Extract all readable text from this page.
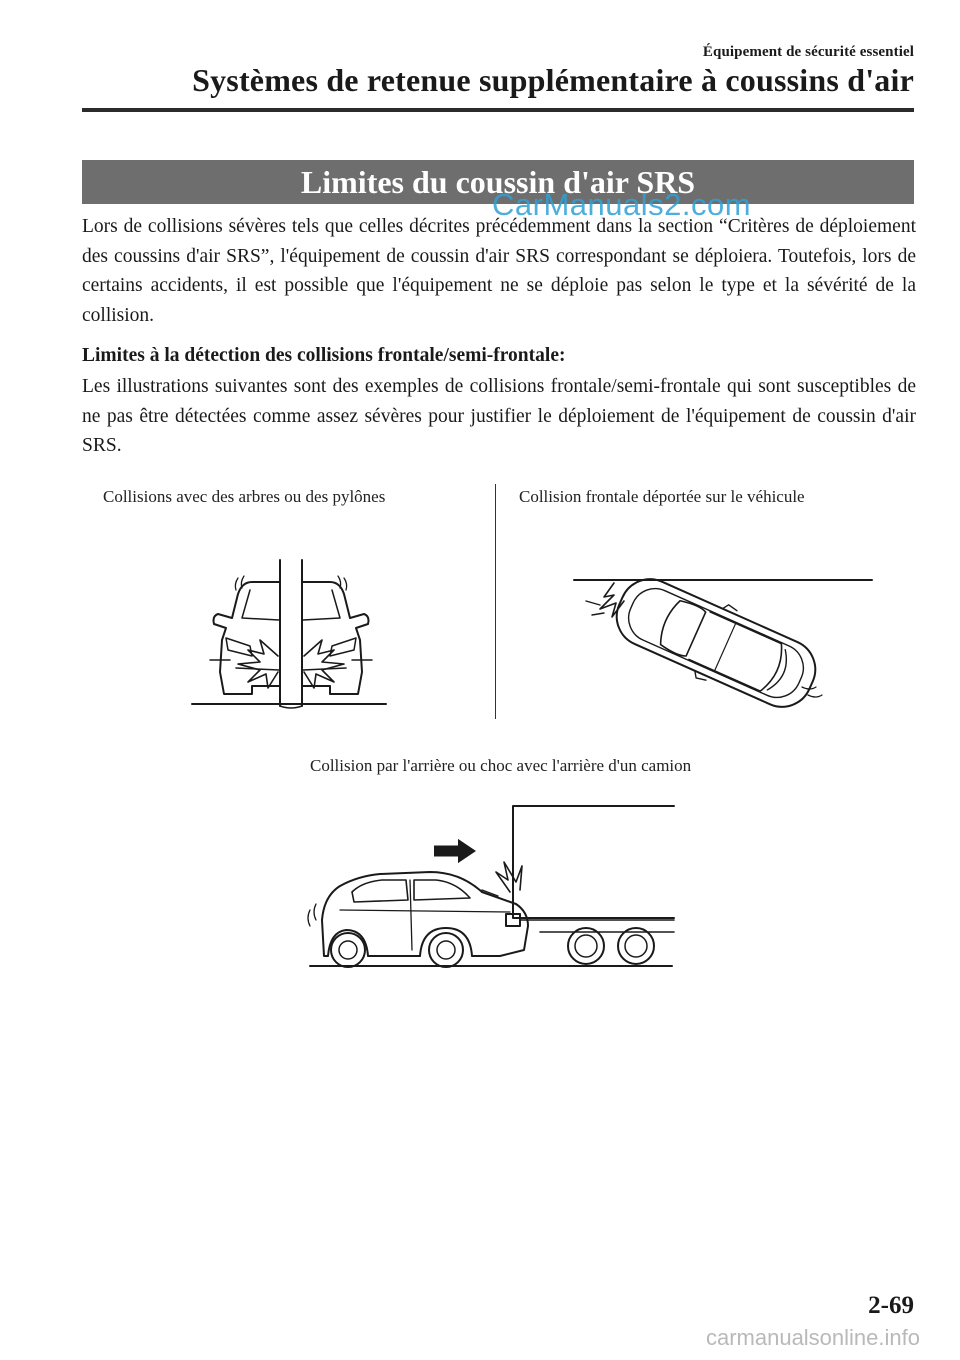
Équipement de sécurité essentiel
Systèmes de retenue supplémentaire à coussins d'air
Limites du coussin d'air SRS
CarManuals2.com

Lors de collisions sévères tels que celles décrites précédemment dans la section “Critères de déploiement des coussins d'air SRS”, l'équipement de coussin d'air SRS correspondant se déploiera. Toutefois, lors de certains accidents, il est possible que l'équipement ne se déploie pas selon le type et la sévérité de la collision.

Limites à la détection des collisions frontale/semi-frontale:

Les illustrations suivantes sont des exemples de collisions frontale/semi-frontale qui sont susceptibles de ne pas être détectées comme assez sévères pour justifier le déploiement de l'équipement de coussin d'air SRS.

Collisions avec des arbres ou des pylônes	Collision frontale déportée sur le véhicule
Collision par l'arrière ou choc avec l'arrière d'un camion
2-69
carmanualsonline.info
